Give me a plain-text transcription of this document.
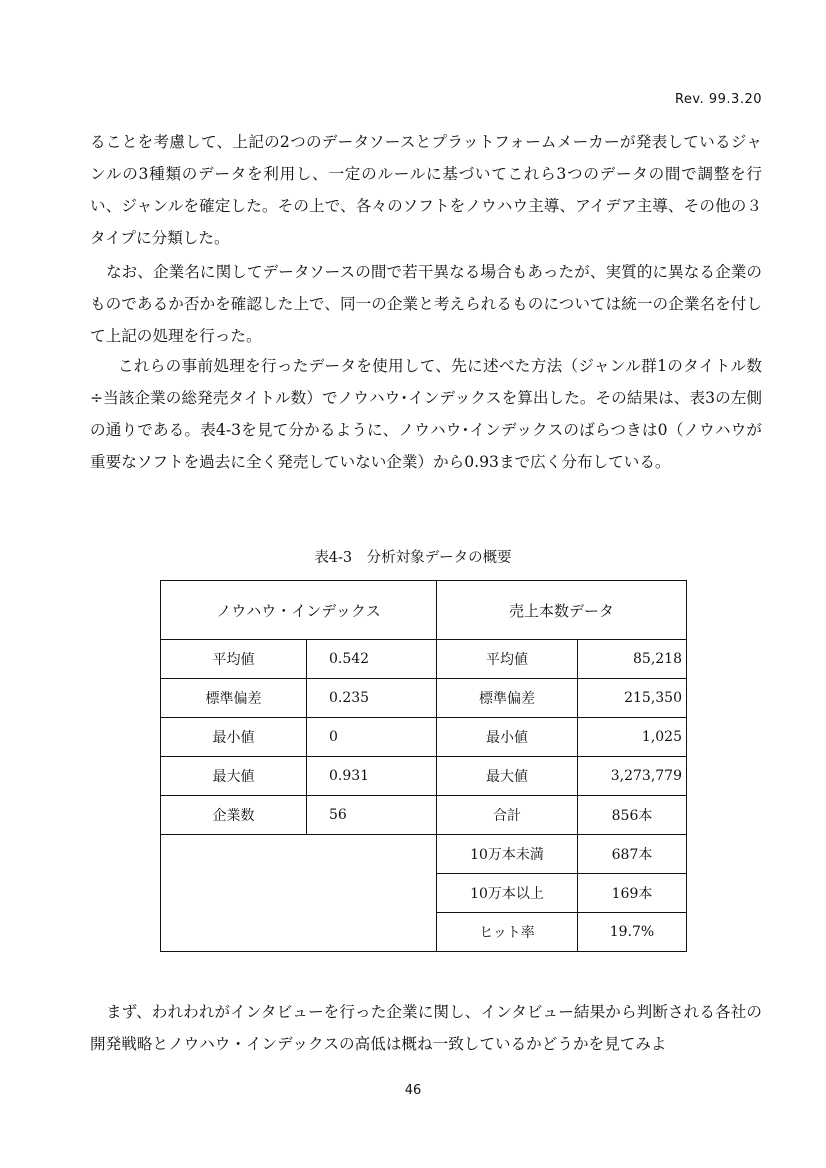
Rev. 99.3.20

ることを考慮して、上記の2つのデータソースとプラットフォームメーカーが発表しているジャンルの3種類のデータを利用し、一定のルールに基づいてこれら3つのデータの間で調整を行い、ジャンルを確定した。その上で、各々のソフトをノウハウ主導、アイデア主導、その他の３タイプに分類した。

なお、企業名に関してデータソースの間で若干異なる場合もあったが、実質的に異なる企業のものであるか否かを確認した上で、同一の企業と考えられるものについては統一の企業名を付して上記の処理を行った。

これらの事前処理を行ったデータを使用して、先に述べた方法（ジャンル群1のタイトル数÷当該企業の総発売タイトル数）でノウハウ･インデックスを算出した。その結果は、表3の左側の通りである。表4-3を見て分かるように、ノウハウ･インデックスのばらつきは0（ノウハウが重要なソフトを過去に全く発売していない企業）から0.93まで広く分布している。

表4-3　分析対象データの概要
ノウハウ・インデックス		売上本数データ	
平均値	0.542	平均値	85,218
標準偏差	0.235	標準偏差	215,350
最小値	0	最小値	1,025
最大値	0.931	最大値	3,273,779
企業数	56	合計	856本
		10万本未満	687本
		10万本以上	169本
		ヒット率	19.7%

まず、われわれがインタビューを行った企業に関し、インタビュー結果から判断される各社の開発戦略とノウハウ・インデックスの高低は概ね一致しているかどうかを見てみよ

46
